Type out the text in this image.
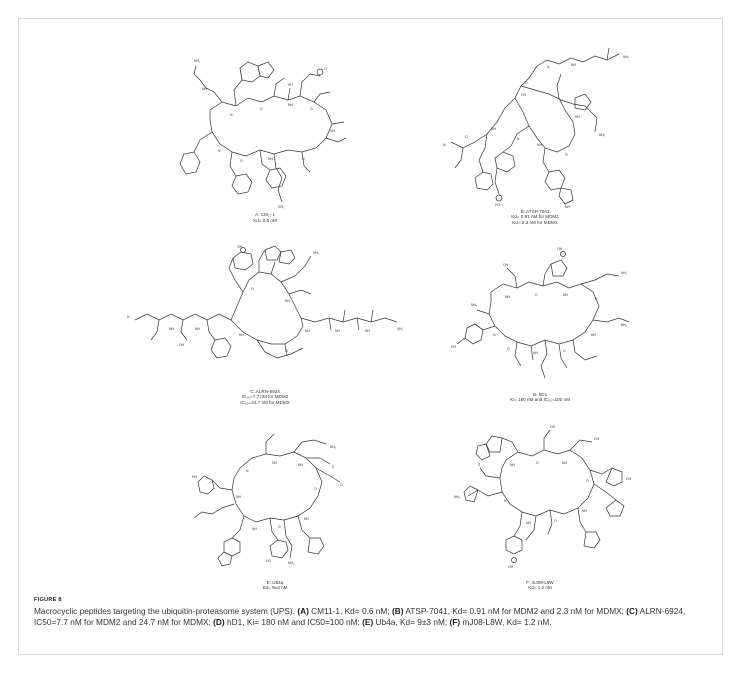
NH
N
O
NH
O
NH
O
NH
O
N
SH
NH₂
NH₂
O⁻
A: CM₁₁-1
Kd= 0.6 nM
NH₂
NH
N
O
NH
O
N	NH
O
NH
NH₂
N
HO	NH
OH
B: ATSP-7041
Kd= 0.91 nM for MDM2
Kd= 2.3 nM for MDMX
N
NH	NH
NH
O
NH	NH	NH	NH₂
NH₂
O
NH
OH
OH
C: ALRN-6924
IC₅₀=7.7 nM for MDM2
IC₅₀=24.7 nM for MDMX
NH	O	NH
O
NH
O
NH
O
N
NH₂
NH₂
HO
OH
OH
NH₂
D: hD1
Ki= 180 nM and IC₅₀=100 nM
N
NH	NH
O
NH
O
NH
NH
NH₂
HO
NH₂
HO
S
O
E: Ub4a
Kd= 9±3 nM
NH	O	NH
O
NH
O
NH
N
OH
OH
NH₂
OH
S
OH
F: mJ08-L8W
Kd= 1.2 nM
FIGURE 8
Macrocyclic peptides targeting the ubiquitin-proteasome system (UPS). (A) CM11-1, Kd= 0.6 nM; (B) ATSP-7041, Kd= 0.91 nM for MDM2 and 2.3 nM for MDMX; (C) ALRN-6924, IC50=7.7 nM for MDM2 and 24.7 nM for MDMX; (D) hD1, Ki= 180 nM and IC50=100 nM; (E) Ub4a, Kd= 9±3 nM; (F) mJ08-L8W, Kd= 1.2 nM.
